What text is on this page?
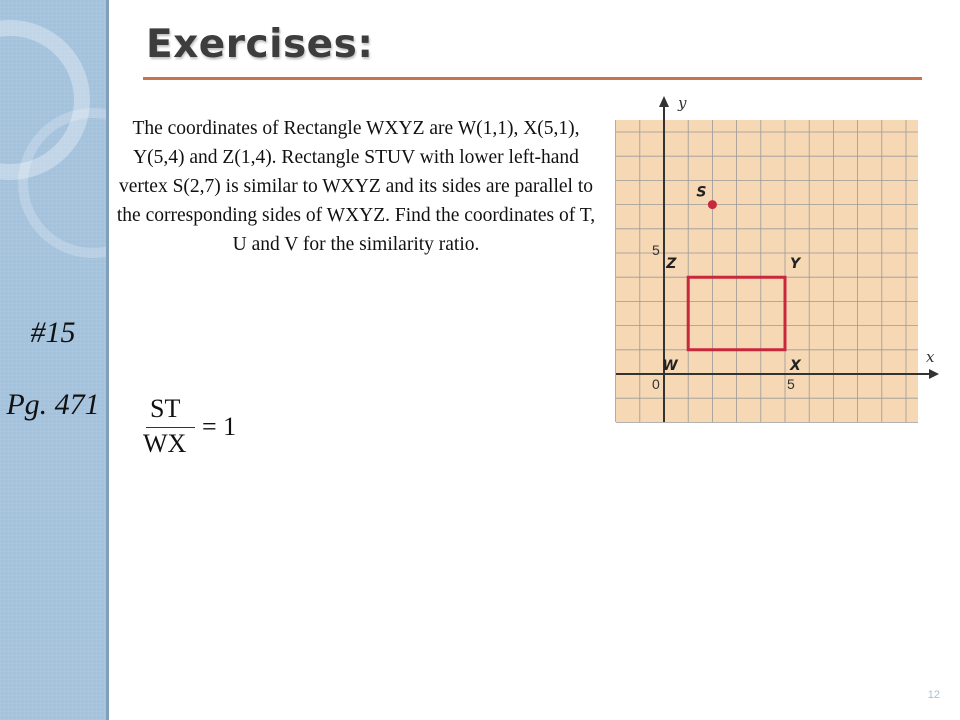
#15
Pg. 471
Exercises:
The coordinates of Rectangle WXYZ are W(1,1), X(5,1), Y(5,4) and Z(1,4). Rectangle STUV with lower left-hand vertex S(2,7) is similar to WXYZ and its sides are parallel to the corresponding sides of WXYZ. Find the coordinates of T, U and V for the similarity ratio.
ST
WX
= 1
y
x
0
5
5
W	X
Y
Z
S
12
